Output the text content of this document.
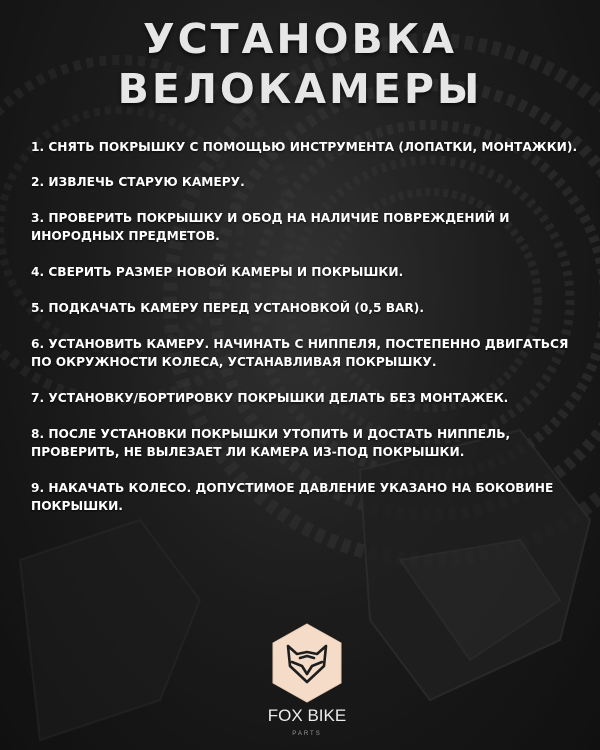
УСТАНОВКА
ВЕЛОКАМЕРЫ
1. СНЯТЬ ПОКРЫШКУ С ПОМОЩЬЮ ИНСТРУМЕНТА (ЛОПАТКИ, МОНТАЖКИ).
2. ИЗВЛЕЧЬ СТАРУЮ КАМЕРУ.
3. ПРОВЕРИТЬ ПОКРЫШКУ И ОБОД НА НАЛИЧИЕ ПОВРЕЖДЕНИЙ И ИНОРОДНЫХ ПРЕДМЕТОВ.
4. СВЕРИТЬ РАЗМЕР НОВОЙ КАМЕРЫ И ПОКРЫШКИ.
5. ПОДКАЧАТЬ КАМЕРУ ПЕРЕД УСТАНОВКОЙ (0,5 BAR).
6. УСТАНОВИТЬ КАМЕРУ. НАЧИНАТЬ С НИППЕЛЯ, ПОСТЕПЕННО ДВИГАТЬСЯ ПО ОКРУЖНОСТИ КОЛЕСА, УСТАНАВЛИВАЯ ПОКРЫШКУ.
7. УСТАНОВКУ/БОРТИРОВКУ ПОКРЫШКИ ДЕЛАТЬ БЕЗ МОНТАЖЕК.
8. ПОСЛЕ УСТАНОВКИ ПОКРЫШКИ УТОПИТЬ И ДОСТАТЬ НИППЕЛЬ, ПРОВЕРИТЬ, НЕ ВЫЛЕЗАЕТ ЛИ КАМЕРА ИЗ-ПОД ПОКРЫШКИ.
9. НАКАЧАТЬ КОЛЕСО. ДОПУСТИМОЕ ДАВЛЕНИЕ УКАЗАНО НА БОКОВИНЕ ПОКРЫШКИ.
FOX BIKE
PARTS
